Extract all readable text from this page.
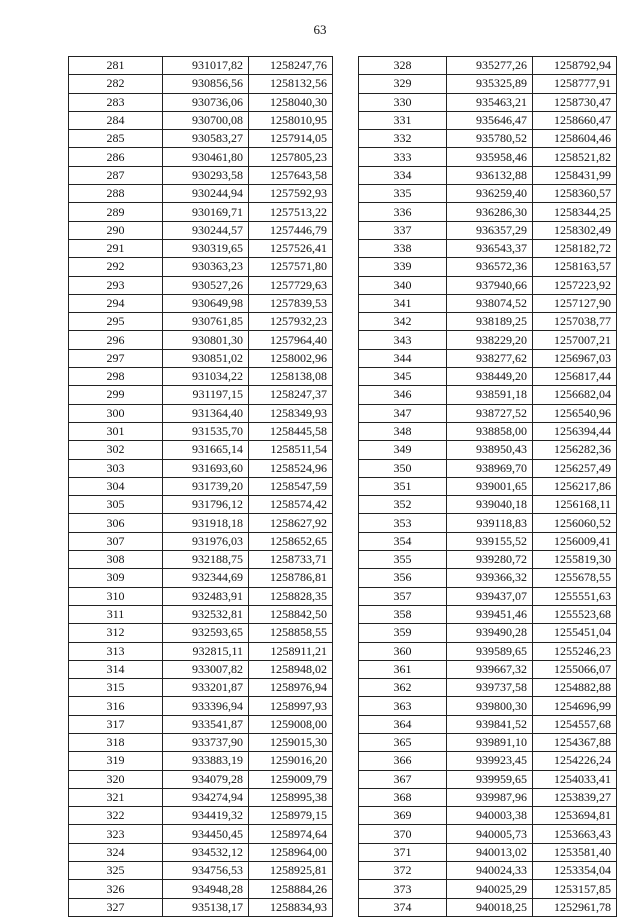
63
281	931017,82	1258247,76
282	930856,56	1258132,56
283	930736,06	1258040,30
284	930700,08	1258010,95
285	930583,27	1257914,05
286	930461,80	1257805,23
287	930293,58	1257643,58
288	930244,94	1257592,93
289	930169,71	1257513,22
290	930244,57	1257446,79
291	930319,65	1257526,41
292	930363,23	1257571,80
293	930527,26	1257729,63
294	930649,98	1257839,53
295	930761,85	1257932,23
296	930801,30	1257964,40
297	930851,02	1258002,96
298	931034,22	1258138,08
299	931197,15	1258247,37
300	931364,40	1258349,93
301	931535,70	1258445,58
302	931665,14	1258511,54
303	931693,60	1258524,96
304	931739,20	1258547,59
305	931796,12	1258574,42
306	931918,18	1258627,92
307	931976,03	1258652,65
308	932188,75	1258733,71
309	932344,69	1258786,81
310	932483,91	1258828,35
311	932532,81	1258842,50
312	932593,65	1258858,55
313	932815,11	1258911,21
314	933007,82	1258948,02
315	933201,87	1258976,94
316	933396,94	1258997,93
317	933541,87	1259008,00
318	933737,90	1259015,30
319	933883,19	1259016,20
320	934079,28	1259009,79
321	934274,94	1258995,38
322	934419,32	1258979,15
323	934450,45	1258974,64
324	934532,12	1258964,00
325	934756,53	1258925,81
326	934948,28	1258884,26
327	935138,17	1258834,93
328	935277,26	1258792,94
329	935325,89	1258777,91
330	935463,21	1258730,47
331	935646,47	1258660,47
332	935780,52	1258604,46
333	935958,46	1258521,82
334	936132,88	1258431,99
335	936259,40	1258360,57
336	936286,30	1258344,25
337	936357,29	1258302,49
338	936543,37	1258182,72
339	936572,36	1258163,57
340	937940,66	1257223,92
341	938074,52	1257127,90
342	938189,25	1257038,77
343	938229,20	1257007,21
344	938277,62	1256967,03
345	938449,20	1256817,44
346	938591,18	1256682,04
347	938727,52	1256540,96
348	938858,00	1256394,44
349	938950,43	1256282,36
350	938969,70	1256257,49
351	939001,65	1256217,86
352	939040,18	1256168,11
353	939118,83	1256060,52
354	939155,52	1256009,41
355	939280,72	1255819,30
356	939366,32	1255678,55
357	939437,07	1255551,63
358	939451,46	1255523,68
359	939490,28	1255451,04
360	939589,65	1255246,23
361	939667,32	1255066,07
362	939737,58	1254882,88
363	939800,30	1254696,99
364	939841,52	1254557,68
365	939891,10	1254367,88
366	939923,45	1254226,24
367	939959,65	1254033,41
368	939987,96	1253839,27
369	940003,38	1253694,81
370	940005,73	1253663,43
371	940013,02	1253581,40
372	940024,33	1253354,04
373	940025,29	1253157,85
374	940018,25	1252961,78
